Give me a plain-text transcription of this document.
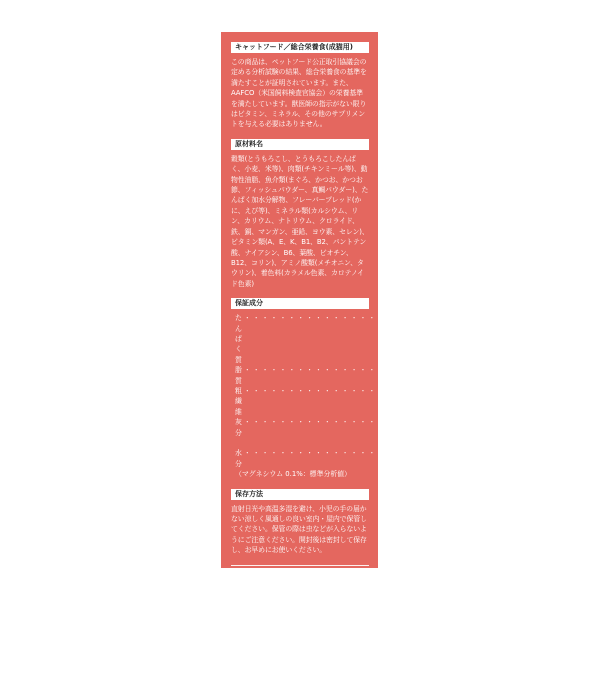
キャットフード／総合栄養食(成猫用)
この商品は、ペットフード公正取引協議会の定める分析試験の結果、総合栄養食の基準を満たすことが証明されています。また、AAFCO（米国飼料検査官協会）の栄養基準を満たしています。獣医師の指示がない限りはビタミン、ミネラル、その他のサプリメントを与える必要はありません。
原材料名
穀類(とうもろこし、とうもろこしたんぱく、小麦、米等)、肉類(チキンミール等)、動物性油脂、魚介類(まぐろ、かつお、かつお節、フィッシュパウダー、真鯛パウダー)、たんぱく加水分解物、フレーバープレッド(かに、えび等)、ミネラル類(カルシウム、リン、カリウム、ナトリウム、クロライド、鉄、銅、マンガン、亜鉛、ヨウ素、セレン)、ビタミン類(A、E、K、B1、B2、パントテン酸、ナイアシン、B6、葉酸、ビオチン、B12、コリン)、アミノ酸類(メチオニン、タウリン)、着色料(カラメル色素、カロテノイド色素)
保証成分
たんぱく質
・・・・・・・・・・・・・・・・ 30%以上
脂質
・・・・・・・・・・・・・・・・ 12.5%以上
粗繊維
・・・・・・・・・・・・・・・・ 5%以下
灰分
・・・・・・・・・・・・・・・・ 9%以下
水分
・・・・・・・・・・・・・・・・ 12%以下
（マグネシウム 0.1%：標準分析値）
保存方法
直射日光や高温多湿を避け、小児の手の届かない涼しく風通しの良い室内・屋内で保管してください。保管の際は虫などが入らないようにご注意ください。開封後は密封して保存し、お早めにお使いください。
＊粒により、原材料由来の自然な色合いの違いがみられることがあります。また製造上、形状や大きさにバラつきが生じることがあります。
＊粒の表面にみられる粉は旨み成分です。
＊トッピングの大きさ、数に差異が生じることがあります。
●原産国名：タイ
●内容量：200g(20gx10袋)
